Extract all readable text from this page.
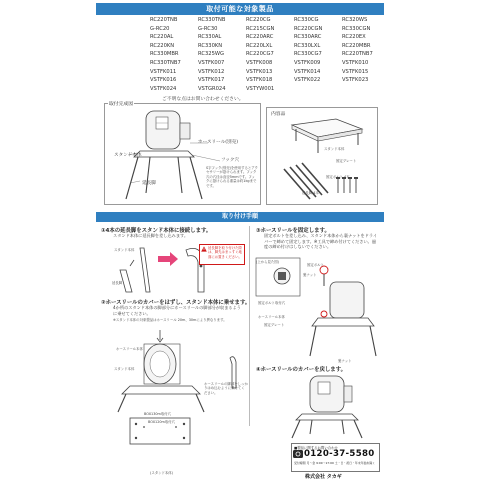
取付可能な対象製品
RC220TNB	RC330TNB	RC220CG	RC330CG	RC320WS
G-RC20	G-RC30	RC215CGN	RC220CGN	RC330CGN
RC220AL	RC330AL	RC220ARC	RC330ARC	RC220EX
RC220KN	RC330KN	RC220LXL	RC330LXL	RC220MBR
RC330MBR	RC325WG	RC220CG7	RC330CG7	RC220TNB7
RC330TNB7	VSTFK007	VSTFK008	VSTFK009	VSTFK010
VSTFK011	VSTFK012	VSTFK013	VSTFK014	VSTFK015
VSTFK016	VSTFK017	VSTFK018	VSTFK022	VSTFK023
VSTFK024	VSTGR024	VSTYW001
ご不明な点はお問い合わせください。
取付完成図
ホースリール(別売)
スタンド本体
フック穴
延長脚
S字フック(別売)を使用するとアクセサリーが掛けられます。フック穴の穴径は直径5mmです。フックに掛けられる重量は約1kgまでです。
内容品
スタンド本体
固定プレート
固定ボルト 4本
延長脚 4本
取り付け手順
①4本の延長脚をスタンド本体に接続します。
スタンド本体に延長脚を差し込みます。
スタンド本体
延長脚
カチッ	延長脚を取り付けた際は、脚先はまっすぐ地面にお置きください。
②ホースリールのカバーをはずし、スタンド本体に乗せます。
4か所のスタンド本体の脚部分にホースリールの脚部分が収まるように乗せてください。
※スタンド本体の対象製品はホースリール 20m、30mにより異なります。
ホースリール本体
スタンド本体
ホースリールの脚部をしっかりはめ込むように乗せてください。
BOX130m取付穴
BOX120m取付穴
(スタンド本体)
③ホースリールを固定します。
固定ボルトを差し込み、スタンド本体から裏ナットをドライバーで締めて固定します。※工具で締め付けてください。過度の締め付けはしないでください。
(上から見た図)
固定ボルト
裏ナット
固定ボルト取付穴
ホースリール本体
固定プレート
裏ナット
④ホースリールのカバーを戻します。
■製品に関するお問い合わせ
0120-37-5580
受付時間 月〜金 9:00〜17:00 土・日・祝日・年末年始を除く
株式会社 タカギ
